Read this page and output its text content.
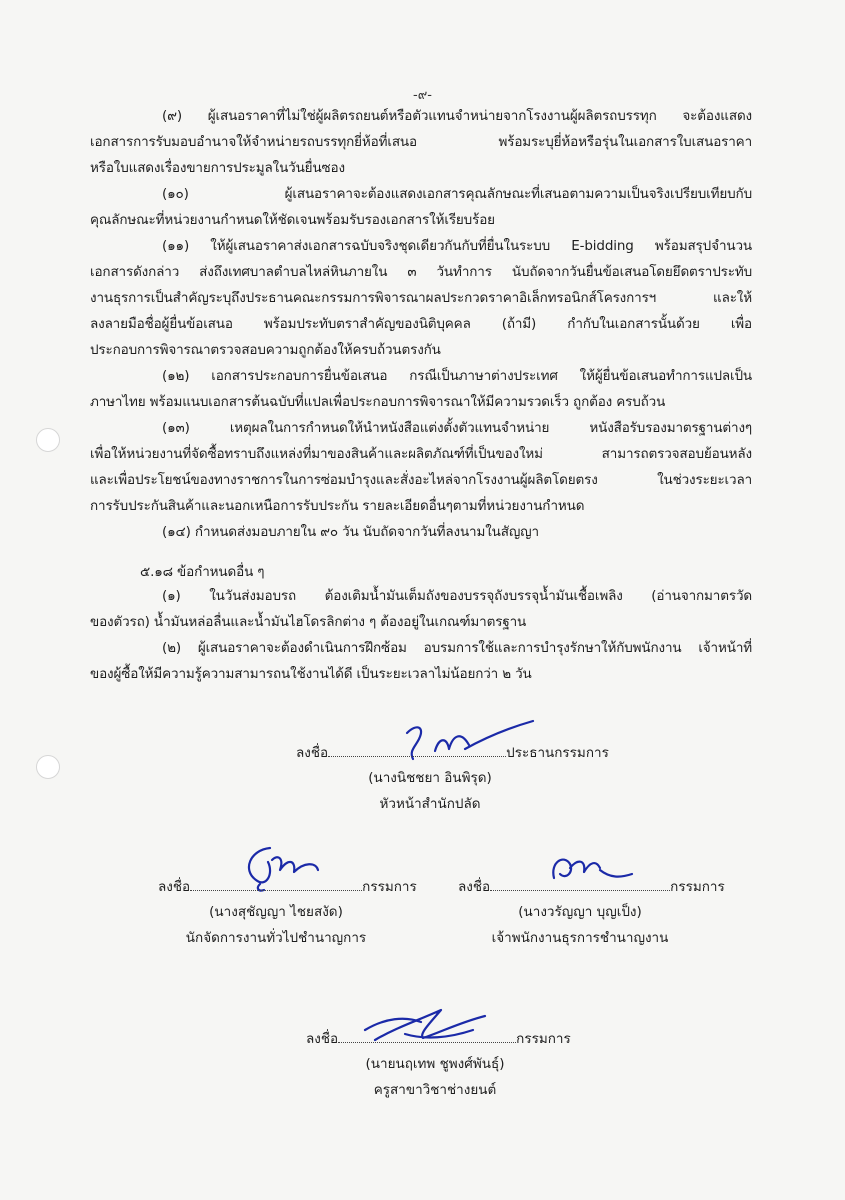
-๙-

(๙) ผู้เสนอราคาที่ไม่ใช่ผู้ผลิตรถยนต์หรือตัวแทนจำหน่ายจากโรงงานผู้ผลิตรถบรรทุก จะต้องแสดง

เอกสารการรับมอบอำนาจให้จำหน่ายรถบรรทุกยี่ห้อที่เสนอ พร้อมระบุยี่ห้อหรือรุ่นในเอกสารใบเสนอราคา

หรือใบแสดงเรื่องขายการประมูลในวันยื่นซอง

(๑๐) ผู้เสนอราคาจะต้องแสดงเอกสารคุณลักษณะที่เสนอตามความเป็นจริงเปรียบเทียบกับ

คุณลักษณะที่หน่วยงานกำหนดให้ชัดเจนพร้อมรับรองเอกสารให้เรียบร้อย

(๑๑) ให้ผู้เสนอราคาส่งเอกสารฉบับจริงชุดเดียวกันกับที่ยื่นในระบบ E-bidding พร้อมสรุปจำนวน

เอกสารดังกล่าว ส่งถึงเทศบาลตำบลไหล่หินภายใน ๓ วันทำการ นับถัดจากวันยื่นข้อเสนอโดยยึดตราประทับ

งานธุรการเป็นสำคัญระบุถึงประธานคณะกรรมการพิจารณาผลประกวดราคาอิเล็กทรอนิกส์โครงการฯ และให้

ลงลายมือชื่อผู้ยื่นข้อเสนอ พร้อมประทับตราสำคัญของนิติบุคคล (ถ้ามี) กำกับในเอกสารนั้นด้วย เพื่อ

ประกอบการพิจารณาตรวจสอบความถูกต้องให้ครบถ้วนตรงกัน

(๑๒) เอกสารประกอบการยื่นข้อเสนอ กรณีเป็นภาษาต่างประเทศ ให้ผู้ยื่นข้อเสนอทำการแปลเป็น

ภาษาไทย พร้อมแนบเอกสารต้นฉบับที่แปลเพื่อประกอบการพิจารณาให้มีความรวดเร็ว ถูกต้อง ครบถ้วน

(๑๓) เหตุผลในการกำหนดให้นำหนังสือแต่งตั้งตัวแทนจำหน่าย หนังสือรับรองมาตรฐานต่างๆ

เพื่อให้หน่วยงานที่จัดซื้อทราบถึงแหล่งที่มาของสินค้าและผลิตภัณฑ์ที่เป็นของใหม่ สามารถตรวจสอบย้อนหลัง

และเพื่อประโยชน์ของทางราชการในการซ่อมบำรุงและสั่งอะไหล่จากโรงงานผู้ผลิตโดยตรง ในช่วงระยะเวลา

การรับประกันสินค้าและนอกเหนือการรับประกัน รายละเอียดอื่นๆตามที่หน่วยงานกำหนด

(๑๔) กำหนดส่งมอบภายใน ๙๐ วัน นับถัดจากวันที่ลงนามในสัญญา

๕.๑๘ ข้อกำหนดอื่น ๆ

(๑) ในวันส่งมอบรถ ต้องเติมน้ำมันเต็มถังของบรรจุถังบรรจุน้ำมันเชื้อเพลิง (อ่านจากมาตรวัด

ของตัวรถ) น้ำมันหล่อลื่นและน้ำมันไฮโดรลิกต่าง ๆ ต้องอยู่ในเกณฑ์มาตรฐาน

(๒) ผู้เสนอราคาจะต้องดำเนินการฝึกซ้อม อบรมการใช้และการบำรุงรักษาให้กับพนักงาน เจ้าหน้าที่

ของผู้ซื้อให้มีความรู้ความสามารถนใช้งานได้ดี เป็นระยะเวลาไม่น้อยกว่า ๒ วัน

ลงชื่อ	ประธานกรรมการ
(นางนิชชยา อินพิรุด)
หัวหน้าสำนักปลัด
ลงชื่อ	กรรมการ
(นางสุชัญญา ไชยสงัด)
นักจัดการงานทั่วไปชำนาญการ
ลงชื่อ	กรรมการ
(นางวรัญญา บุญเป็ง)
เจ้าพนักงานธุรการชำนาญงาน
ลงชื่อ	กรรมการ
(นายนฤเทพ ชูพงศ์พันธุ์)
ครูสาขาวิชาช่างยนต์
